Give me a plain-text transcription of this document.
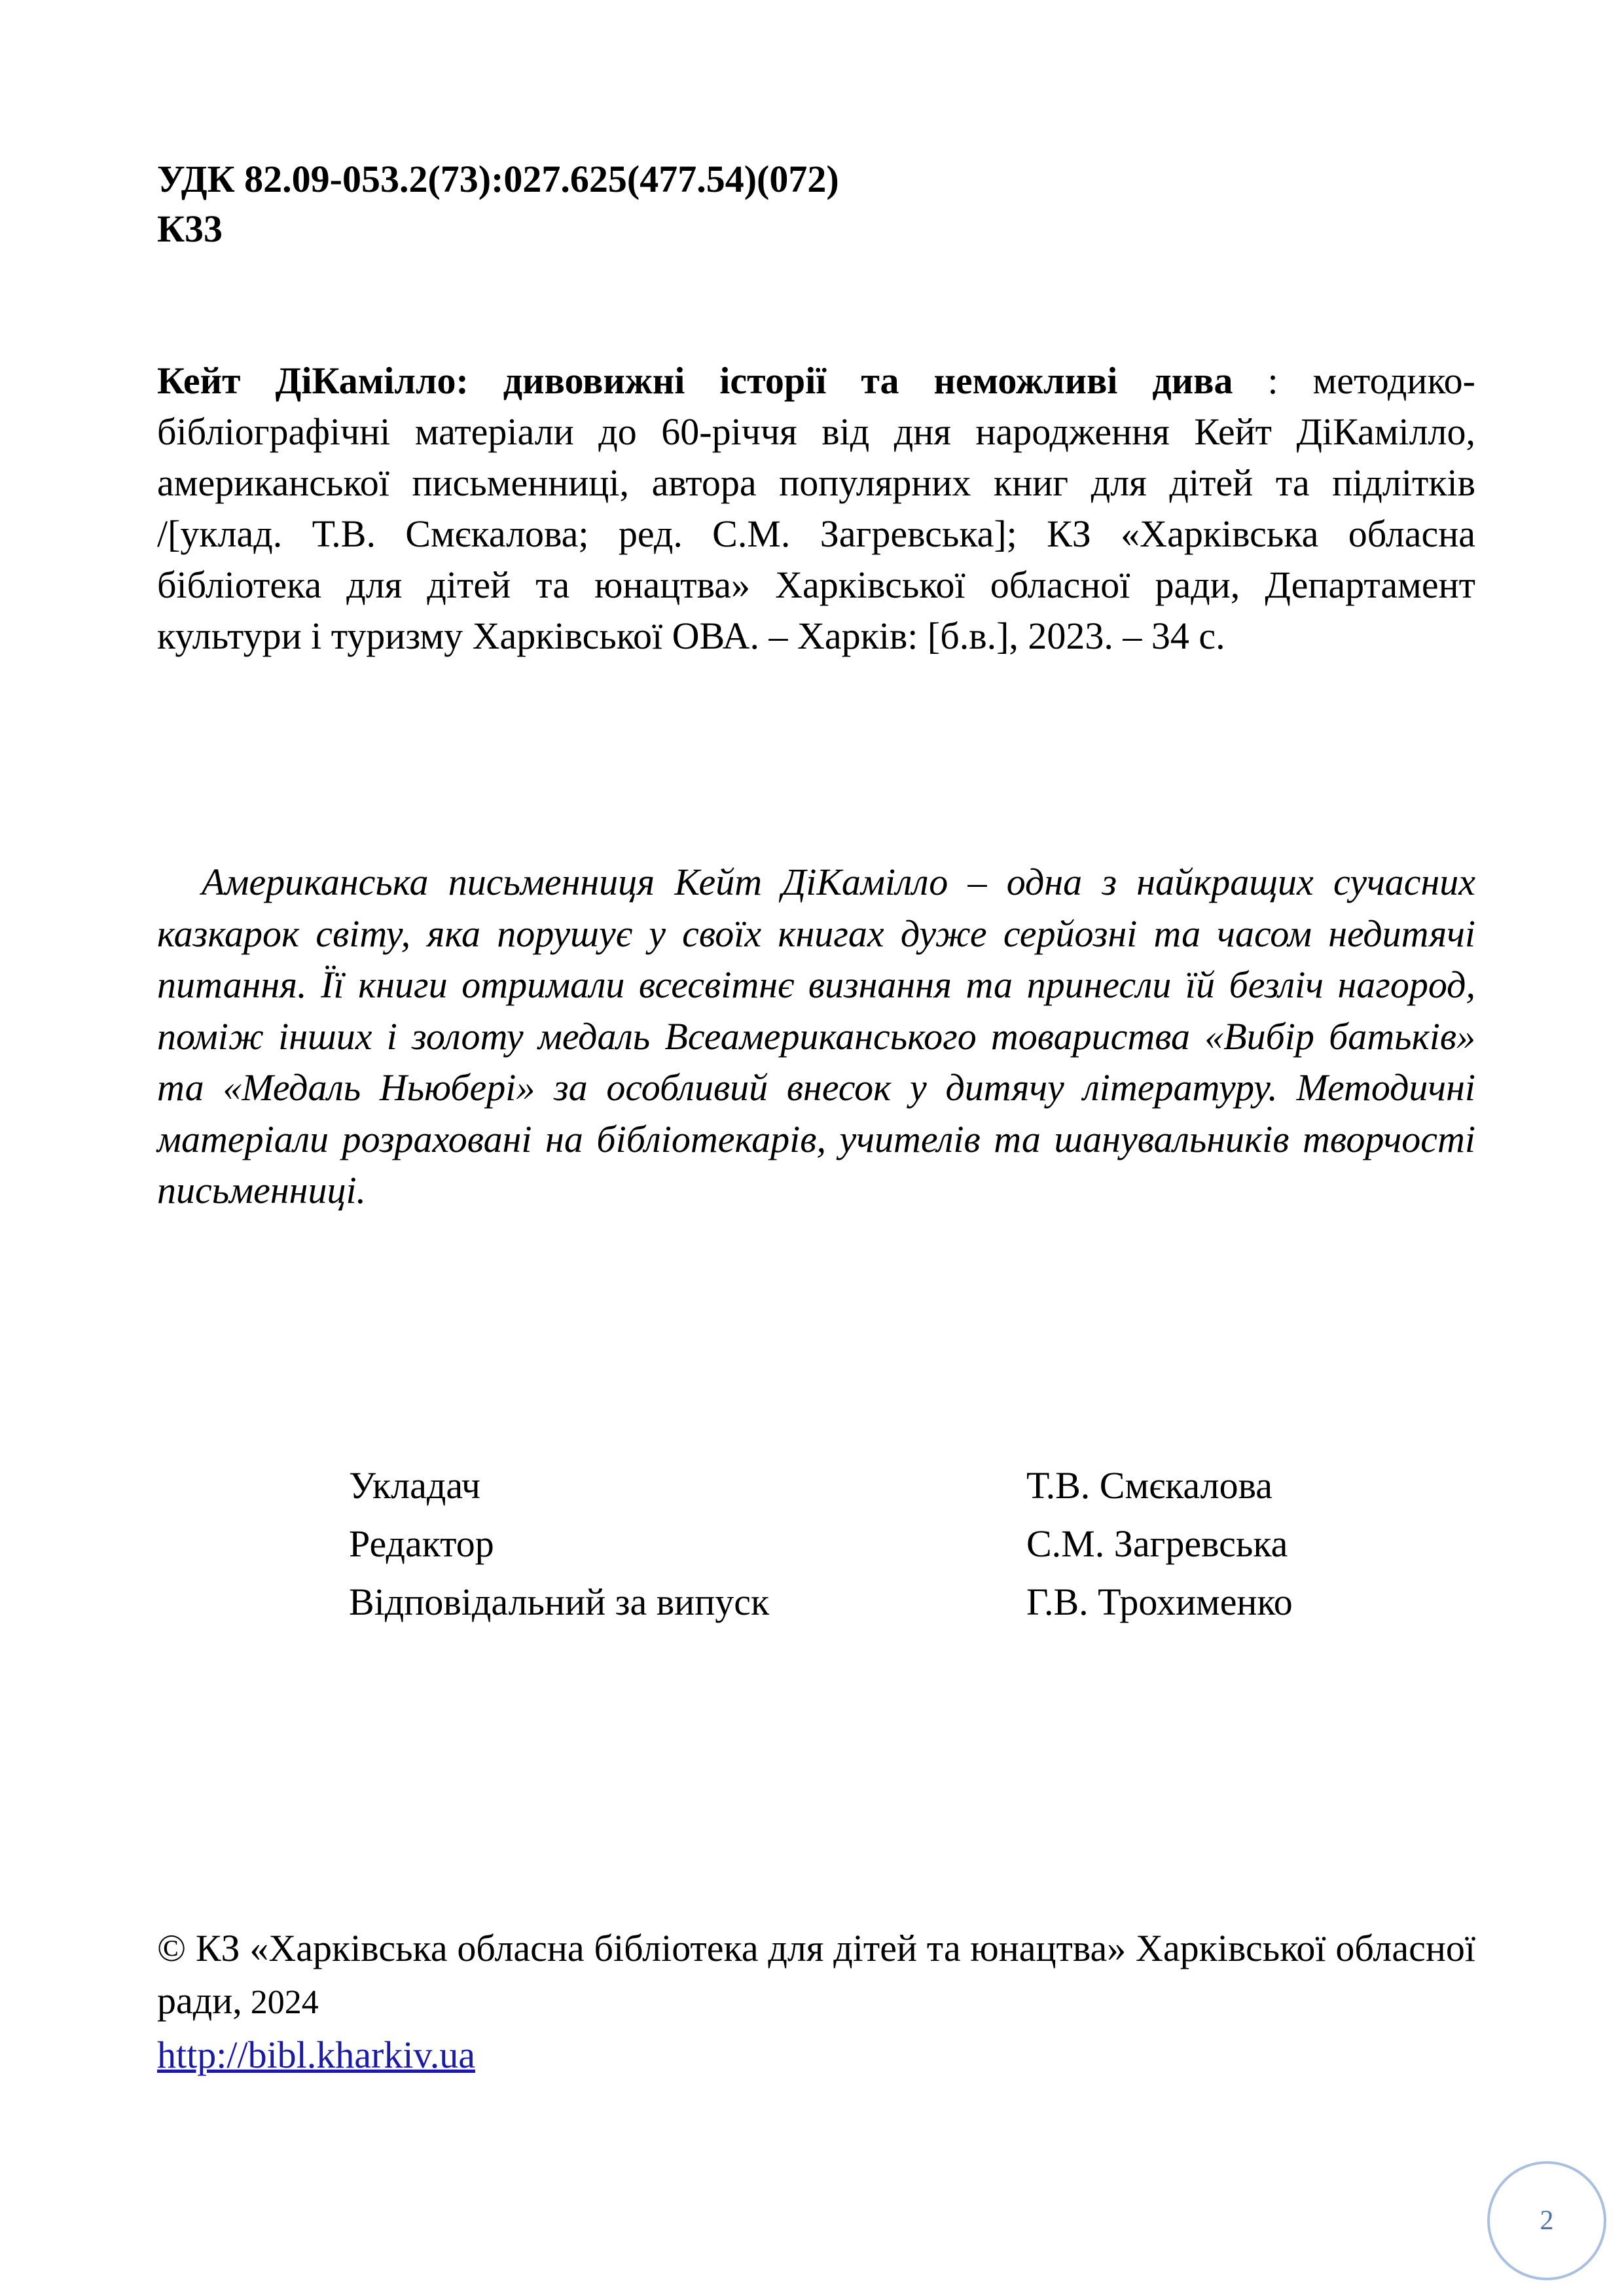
УДК 82.09-053.2(73):027.625(477.54)(072)
К33
Кейт ДіКамілло: дивовижні історії та неможливі дива : методико-бібліографічні матеріали до 60-річчя від дня народження Кейт ДіКамілло, американської письменниці, автора популярних книг для дітей та підлітків /[уклад. Т.В. Смєкалова; ред. С.М. Загревська]; КЗ «Харківська обласна бібліотека для дітей та юнацтва» Харківської обласної ради, Департамент культури і туризму Харківської ОВА. – Харків: [б.в.], 2023. – 34 с.
Американська письменниця Кейт ДіКамілло – одна з найкращих сучасних казкарок світу, яка порушує у своїх книгах дуже серйозні та часом недитячі питання. Її книги отримали всесвітнє визнання та принесли їй безліч нагород, поміж інших і золоту медаль Всеамериканського товариства «Вибір батьків» та «Медаль Ньюбері» за особливий внесок у дитячу літературу. Методичні матеріали розраховані на бібліотекарів, учителів та шанувальників творчості письменниці.
Укладач	Т.В. Смєкалова
Редактор	С.М. Загревська
Відповідальний за випуск	Г.В. Трохименко
© КЗ «Харківська обласна бібліотека для дітей та юнацтва» Харківської обласної ради, 2024
http://bibl.kharkiv.ua
2
